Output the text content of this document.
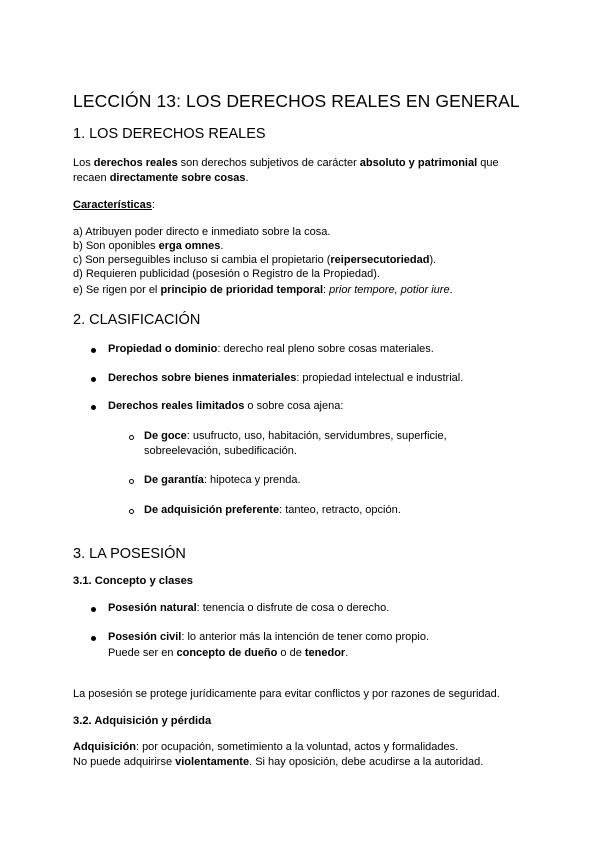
LECCIÓN 13: LOS DERECHOS REALES EN GENERAL
1. LOS DERECHOS REALES
Los derechos reales son derechos subjetivos de carácter absoluto y patrimonial que
recaen directamente sobre cosas.
Características:
a) Atribuyen poder directo e inmediato sobre la cosa.
b) Son oponibles erga omnes.
c) Son perseguibles incluso si cambia el propietario (reipersecutoriedad).
d) Requieren publicidad (posesión o Registro de la Propiedad).
e) Se rigen por el principio de prioridad temporal: prior tempore, potior iure.
2. CLASIFICACIÓN
Propiedad o dominio: derecho real pleno sobre cosas materiales.
Derechos sobre bienes inmateriales: propiedad intelectual e industrial.
Derechos reales limitados o sobre cosa ajena:
De goce: usufructo, uso, habitación, servidumbres, superficie,
sobreelevación, subedificación.
De garantía: hipoteca y prenda.
De adquisición preferente: tanteo, retracto, opción.
3. LA POSESIÓN
3.1. Concepto y clases
Posesión natural: tenencia o disfrute de cosa o derecho.
Posesión civil: lo anterior más la intención de tener como propio.
Puede ser en concepto de dueño o de tenedor.
La posesión se protege jurídicamente para evitar conflictos y por razones de seguridad.
3.2. Adquisición y pérdida
Adquisición: por ocupación, sometimiento a la voluntad, actos y formalidades.
No puede adquirirse violentamente. Si hay oposición, debe acudirse a la autoridad.
